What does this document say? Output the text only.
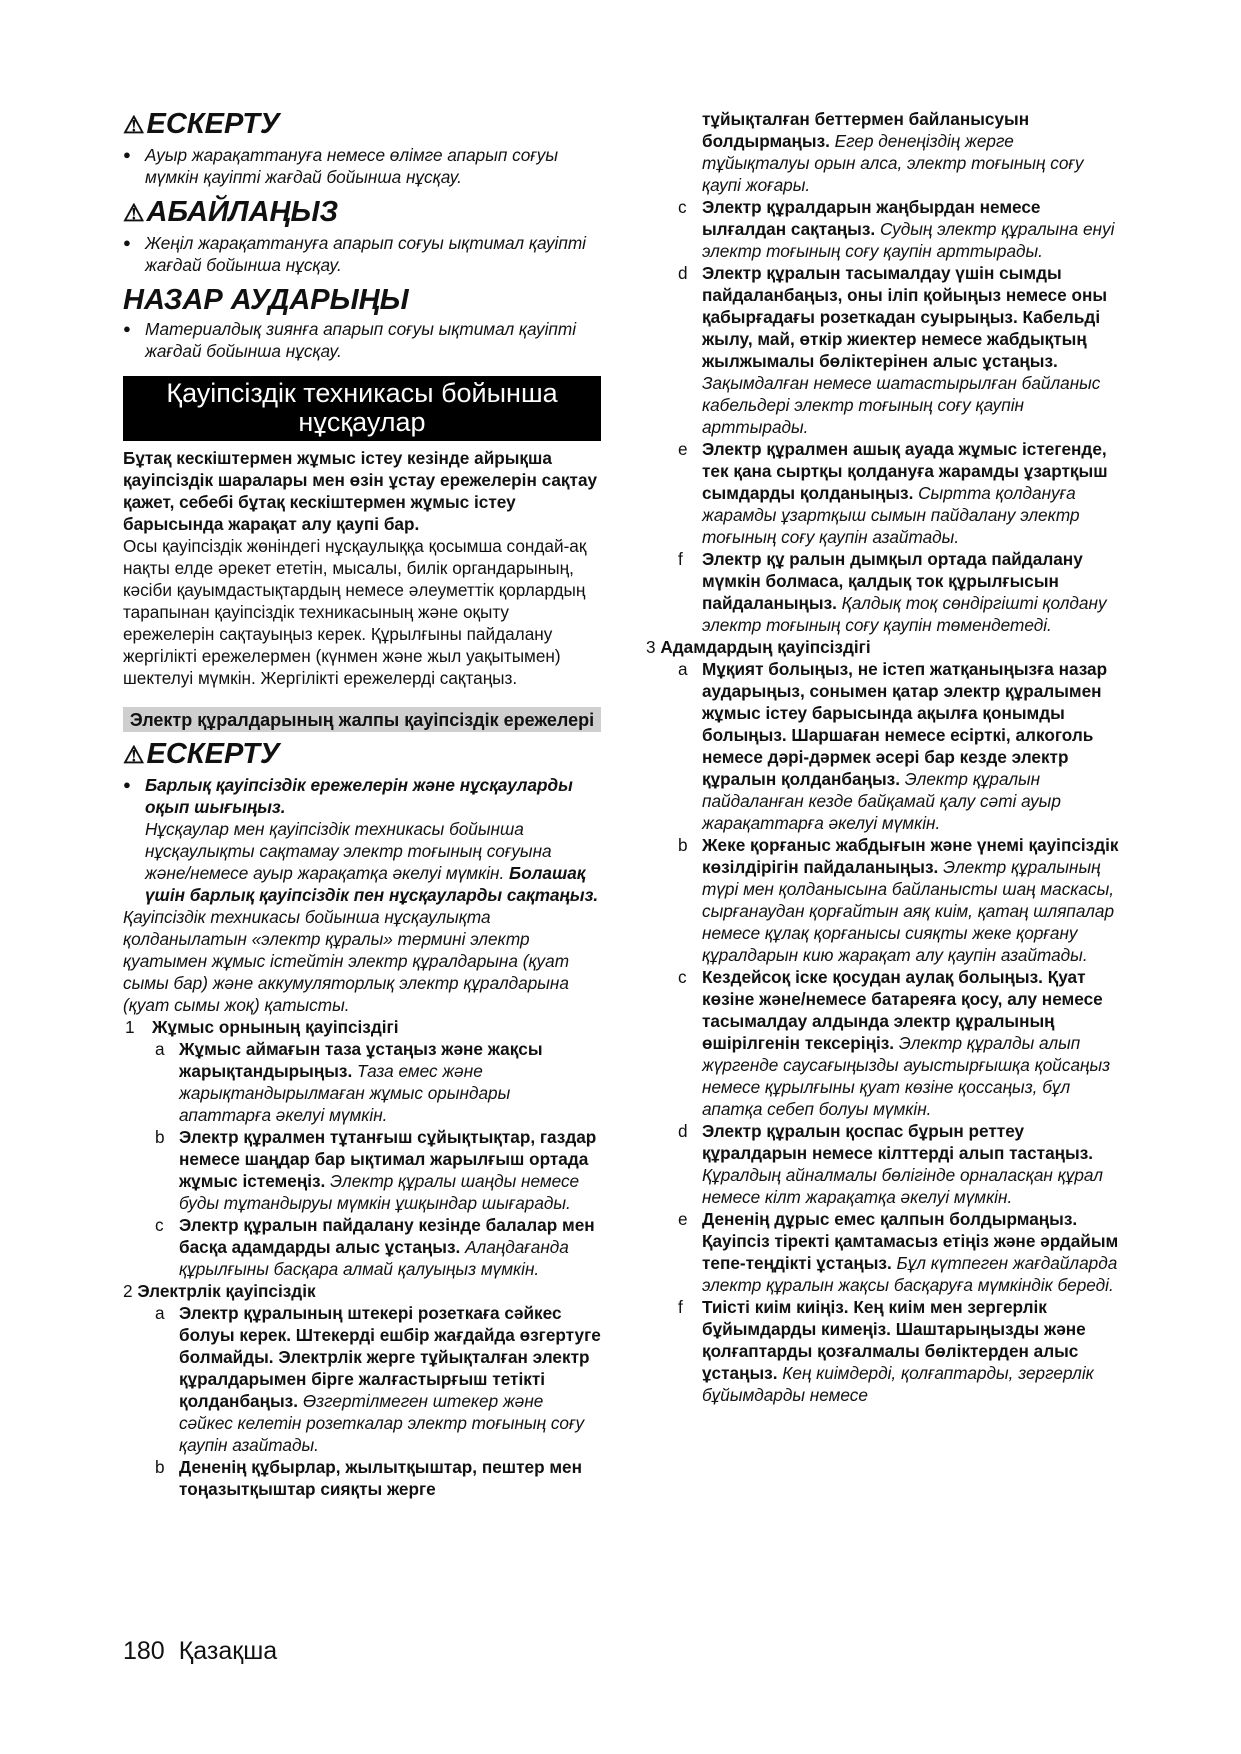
⚠ЕСКЕРТУ

● Ауыр жарақаттануға немесе өлімге апарып соғуы мүмкін қауіпті жағдай бойынша нұсқау.

⚠АБАЙЛАҢЫЗ

● Жеңіл жарақаттануға апарып соғуы ықтимал қауіпті жағдай бойынша нұсқау.

НАЗАР АУДАРЫҢЫ

● Материалдық зиянға апарып соғуы ықтимал қауіпті жағдай бойынша нұсқау.

Қауіпсіздік техникасы бойынша нұсқаулар

Бұтақ кескіштермен жұмыс істеу кезінде айрықша қауіпсіздік шаралары мен өзін ұстау ережелерін сақтау қажет, себебі бұтақ кескіштермен жұмыс істеу барысында жарақат алу қаупі бар.

Осы қауіпсіздік жөніндегі нұсқаулыққа қосымша сондай-ақ нақты елде әрекет ететін, мысалы, билік органдарының, кәсіби қауымдастықтардың немесе әлеуметтік қорлардың тарапынан қауіпсіздік техникасының және оқыту ережелерін сақтауыңыз керек. Құрылғыны пайдалану жергілікті ережелермен (күнмен және жыл уақытымен) шектелуі мүмкін. Жергілікті ережелерді сақтаңыз.

Электр құралдарының жалпы қауіпсіздік ережелері

⚠ЕСКЕРТУ

● Барлық қауіпсіздік ережелерін және нұсқауларды оқып шығыңыз.
Нұсқаулар мен қауіпсіздік техникасы бойынша нұсқаулықты сақтамау электр тоғының соғуына және/немесе ауыр жарақатқа әкелуі мүмкін. Болашақ үшін барлық қауіпсіздік пен нұсқауларды сақтаңыз.

Қауіпсіздік техникасы бойынша нұсқаулықта қолданылатын «электр құралы» термині электр қуатымен жұмыс істейтін электр құралдарына (қуат сымы бар) және аккумуляторлық электр құралдарына (қуат сымы жоқ) қатысты.

1 Жұмыс орнының қауіпсіздігі

a Жұмыс аймағын таза ұстаңыз және жақсы жарықтандырыңыз. Таза емес және жарықтандырылмаған жұмыс орындары апаттарға әкелуі мүмкін.

b Электр құралмен тұтанғыш сұйықтықтар, газдар немесе шаңдар бар ықтимал жарылғыш ортада жұмыс істемеңіз. Электр құралы шаңды немесе буды тұтандыруы мүмкін ұшқындар шығарады.

c Электр құралын пайдалану кезінде балалар мен басқа адамдарды алыс ұстаңыз. Алаңдағанда құрылғыны басқара алмай қалуыңыз мүмкін.

2 Электрлік қауіпсіздік

a Электр құралының штекері розеткаға сәйкес болуы керек. Штекерді ешбір жағдайда өзгертуге болмайды. Электрлік жерге тұйықталған электр құралдарымен бірге жалғастырғыш тетікті қолданбаңыз. Өзгертілмеген штекер және сәйкес келетін розеткалар электр тоғының соғу қаупін азайтады.

b Дененің құбырлар, жылытқыштар, пештер мен тоңазытқыштар сияқты жерге

тұйықталған беттермен байланысуын болдырмаңыз. Егер денеңіздің жерге тұйықталуы орын алса, электр тоғының соғу қаупі жоғары.

c Электр құралдарын жаңбырдан немесе ылғалдан сақтаңыз. Судың электр құралына енуі электр тоғының соғу қаупін арттырады.

d Электр құралын тасымалдау үшін сымды пайдаланбаңыз, оны іліп қойыңыз немесе оны қабырғадағы розеткадан суырыңыз. Кабельді жылу, май, өткір жиектер немесе жабдықтың жылжымалы бөліктерінен алыс ұстаңыз. Зақымдалған немесе шатастырылған байланыс кабельдері электр тоғының соғу қаупін арттырады.

e Электр құралмен ашық ауада жұмыс істегенде, тек қана сыртқы қолдануға жарамды ұзартқыш сымдарды қолданыңыз. Сыртта қолдануға жарамды ұзартқыш сымын пайдалану электр тоғының соғу қаупін азайтады.

f Электр құ ралын дымқыл ортада пайдалану мүмкін болмаса, қалдық ток құрылғысын пайдаланыңыз. Қалдық тоқ сөндіргішті қолдану электр тоғының соғу қаупін төмендетеді.

3 Адамдардың қауіпсіздігі

a Мұқият болыңыз, не істеп жатқаныңызға назар аударыңыз, сонымен қатар электр құралымен жұмыс істеу барысында ақылға қонымды болыңыз. Шаршаған немесе есірткі, алкоголь немесе дәрі-дәрмек әсері бар кезде электр құралын қолданбаңыз. Электр құралын пайдаланған кезде байқамай қалу сәті ауыр жарақаттарға әкелуі мүмкін.

b Жеке қорғаныс жабдығын және үнемі қауіпсіздік көзілдірігін пайдаланыңыз. Электр құралының түрі мен қолданысына байланысты шаң маскасы, сырғанаудан қорғайтын аяқ киім, қатаң шляпалар немесе құлақ қорғанысы сияқты жеке қорғану құралдарын кию жарақат алу қаупін азайтады.

c Кездейсоқ іске қосудан аулақ болыңыз. Қуат көзіне және/немесе батареяға қосу, алу немесе тасымалдау алдында электр құралының өшірілгенін тексеріңіз. Электр құралды алып жүргенде саусағыңызды ауыстырғышқа қойсаңыз немесе құрылғыны қуат көзіне қоссаңыз, бұл апатқа себеп болуы мүмкін.

d Электр құралын қоспас бұрын реттеу құралдарын немесе кілттерді алып тастаңыз. Құралдың айналмалы бөлігінде орналасқан құрал немесе кілт жарақатқа әкелуі мүмкін.

e Дененің дұрыс емес қалпын болдырмаңыз. Қауіпсіз тіректі қамтамасыз етіңіз және әрдайым тепе-теңдікті ұстаңыз. Бұл күтпеген жағдайларда электр құралын жақсы басқаруға мүмкіндік береді.

f Тиісті киім киіңіз. Кең киім мен зергерлік бұйымдарды кимеңіз. Шаштарыңызды және қолғаптарды қозғалмалы бөліктерден алыс ұстаңыз. Кең киімдерді, қолғаптарды, зергерлік бұйымдарды немесе

180 Қазақша
